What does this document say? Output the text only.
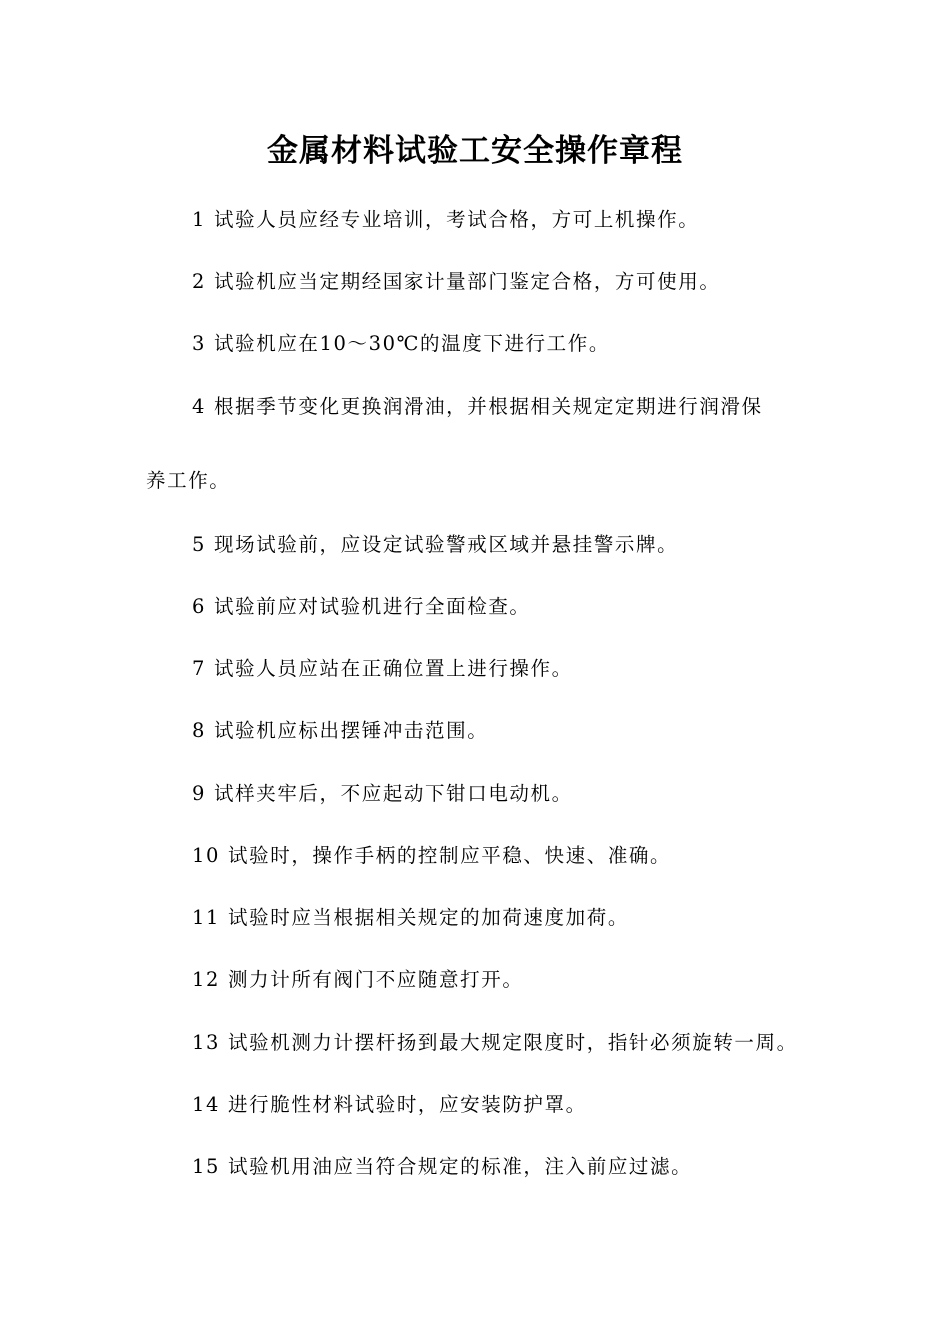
金属材料试验工安全操作章程
1 试验人员应经专业培训，考试合格，方可上机操作。
2 试验机应当定期经国家计量部门鉴定合格，方可使用。
3 试验机应在10～30℃的温度下进行工作。
4 根据季节变化更换润滑油，并根据相关规定定期进行润滑保
养工作。
5 现场试验前，应设定试验警戒区域并悬挂警示牌。
6 试验前应对试验机进行全面检查。
7 试验人员应站在正确位置上进行操作。
8 试验机应标出摆锤冲击范围。
9 试样夹牢后，不应起动下钳口电动机。
10 试验时，操作手柄的控制应平稳、快速、准确。
11 试验时应当根据相关规定的加荷速度加荷。
12 测力计所有阀门不应随意打开。
13 试验机测力计摆杆扬到最大规定限度时，指针必须旋转一周。
14 进行脆性材料试验时，应安装防护罩。
15 试验机用油应当符合规定的标准，注入前应过滤。
